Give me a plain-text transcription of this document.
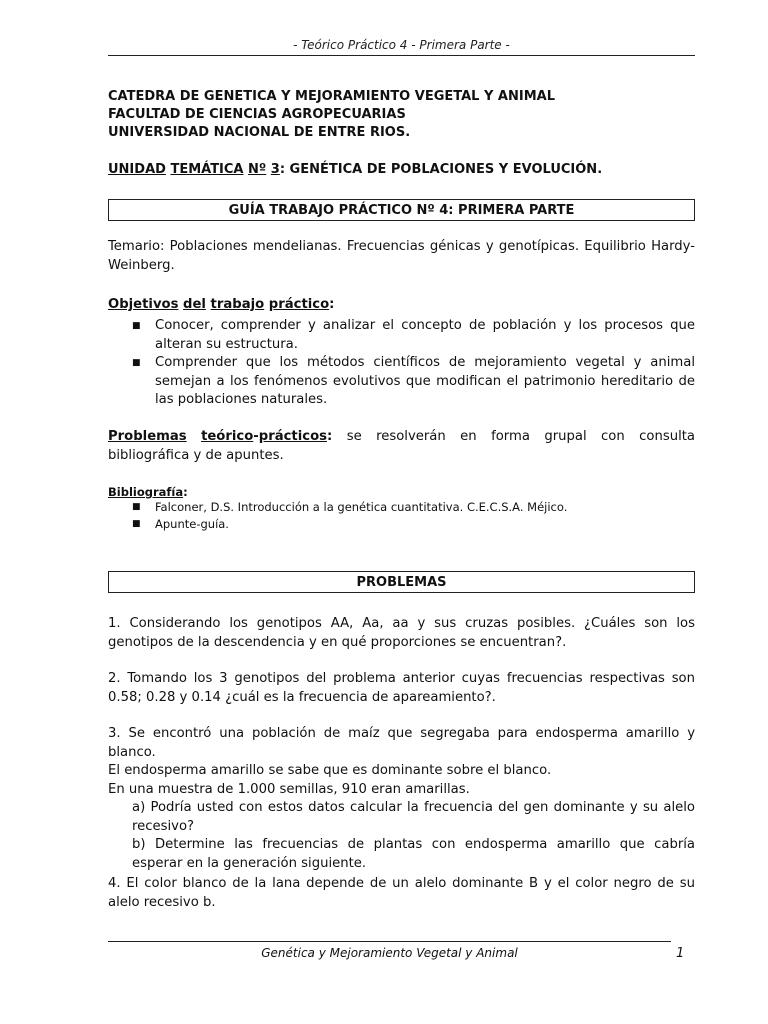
- Teórico Práctico 4 - Primera Parte -
CATEDRA DE GENETICA Y MEJORAMIENTO VEGETAL Y ANIMAL
FACULTAD DE CIENCIAS AGROPECUARIAS
UNIVERSIDAD NACIONAL DE ENTRE RIOS.
UNIDAD TEMÁTICA Nº 3: GENÉTICA DE POBLACIONES Y EVOLUCIÓN.
GUÍA TRABAJO PRÁCTICO Nº 4: PRIMERA PARTE
Temario: Poblaciones mendelianas. Frecuencias génicas y genotípicas. Equilibrio Hardy-Weinberg.
Objetivos del trabajo práctico:
■ Conocer, comprender y analizar el concepto de población y los procesos que alteran su estructura.
■ Comprender que los métodos científicos de mejoramiento vegetal y animal semejan a los fenómenos evolutivos que modifican el patrimonio hereditario de las poblaciones naturales.
Problemas teórico-prácticos: se resolverán en forma grupal con consulta bibliográfica y de apuntes.
Bibliografía:
■ Falconer, D.S. Introducción a la genética cuantitativa. C.E.C.S.A. Méjico.
■ Apunte-guía.
PROBLEMAS
1. Considerando los genotipos AA, Aa, aa y sus cruzas posibles. ¿Cuáles son los genotipos de la descendencia y en qué proporciones se encuentran?.
2. Tomando los 3 genotipos del problema anterior cuyas frecuencias respectivas son 0.58; 0.28 y 0.14 ¿cuál es la frecuencia de apareamiento?.
3. Se encontró una población de maíz que segregaba para endosperma amarillo y blanco.
El endosperma amarillo se sabe que es dominante sobre el blanco.
En una muestra de 1.000 semillas, 910 eran amarillas.
a) Podría usted con estos datos calcular la frecuencia del gen dominante y su alelo recesivo?
b) Determine las frecuencias de plantas con endosperma amarillo que cabría esperar en la generación siguiente.
4. El color blanco de la lana depende de un alelo dominante B y el color negro de su alelo recesivo b.
Genética y Mejoramiento Vegetal y Animal	1
